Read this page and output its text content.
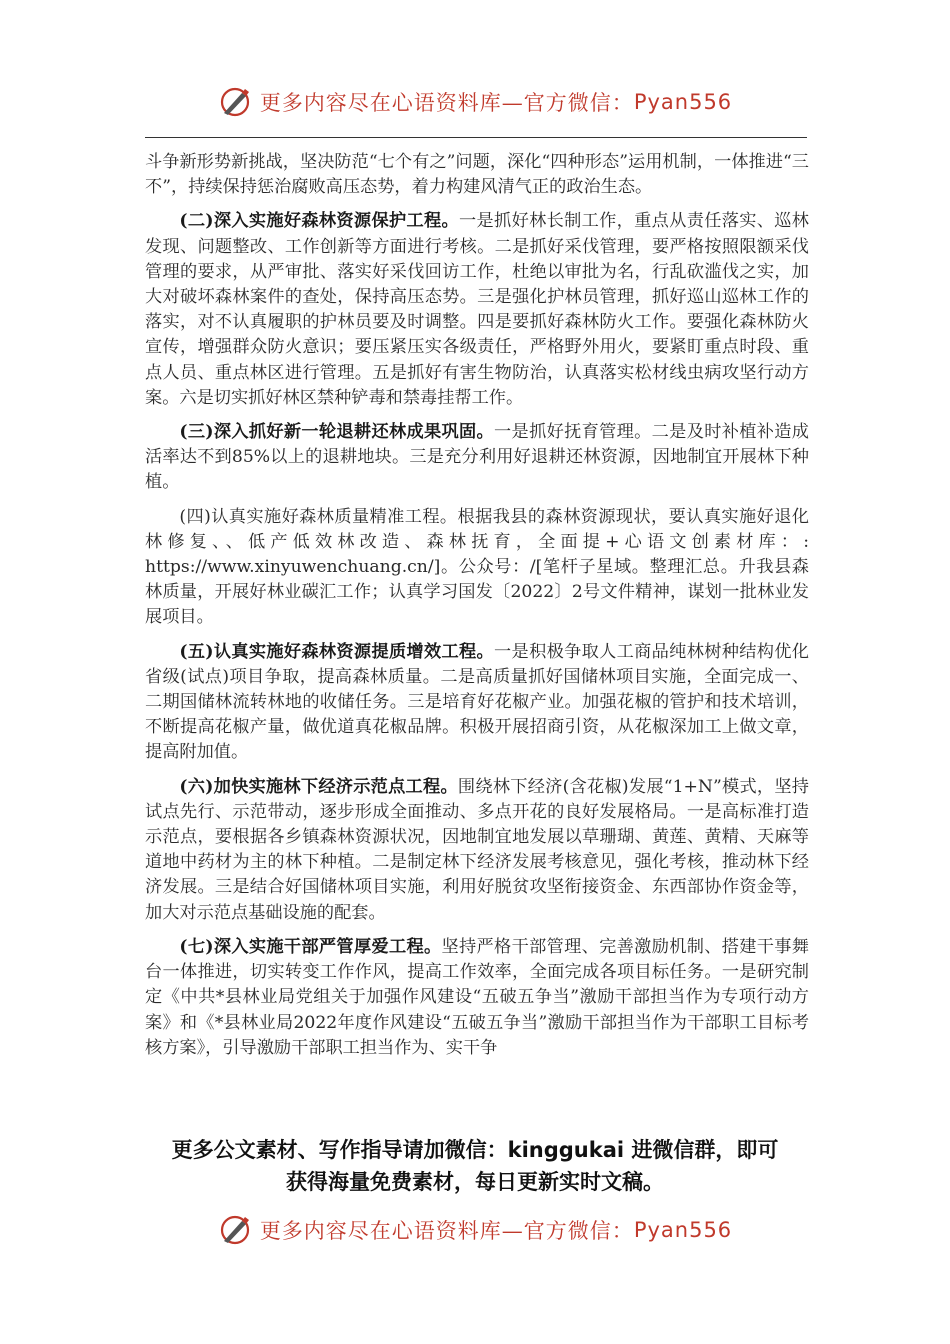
更多内容尽在心语资料库—官方微信： Pyan556

斗争新形势新挑战，坚决防范“七个有之”问题，深化“四种形态”运用机制，一体推进“三不”，持续保持惩治腐败高压态势，着力构建风清气正的政治生态。

(二)深入实施好森林资源保护工程。一是抓好林长制工作，重点从责任落实、巡林发现、问题整改、工作创新等方面进行考核。二是抓好采伐管理，要严格按照限额采伐管理的要求，从严审批、落实好采伐回访工作，杜绝以审批为名，行乱砍滥伐之实，加大对破坏森林案件的查处，保持高压态势。三是强化护林员管理，抓好巡山巡林工作的落实，对不认真履职的护林员要及时调整。四是要抓好森林防火工作。要强化森林防火宣传，增强群众防火意识；要压紧压实各级责任，严格野外用火，要紧盯重点时段、重点人员、重点林区进行管理。五是抓好有害生物防治，认真落实松材线虫病攻坚行动方案。六是切实抓好林区禁种铲毒和禁毒挂帮工作。

(三)深入抓好新一轮退耕还林成果巩固。一是抓好抚育管理。二是及时补植补造成活率达不到85%以上的退耕地块。三是充分利用好退耕还林资源，因地制宜开展林下种植。

(四)认真实施好森林质量精准工程。根据我县的森林资源现状，要认真实施好退化林修复、、低产低效林改造、森林抚育，全面提+心语文创素材库：: https://www.xinyuwenchuang.cn/]。公众号：/[笔杆子星域。整理汇总。升我县森林质量，开展好林业碳汇工作；认真学习国发〔2022〕2号文件精神，谋划一批林业发展项目。

(五)认真实施好森林资源提质增效工程。一是积极争取人工商品纯林树种结构优化省级(试点)项目争取，提高森林质量。二是高质量抓好国储林项目实施，全面完成一、二期国储林流转林地的收储任务。三是培育好花椒产业。加强花椒的管护和技术培训，不断提高花椒产量，做优道真花椒品牌。积极开展招商引资，从花椒深加工上做文章，提高附加值。

(六)加快实施林下经济示范点工程。围绕林下经济(含花椒)发展“1+N”模式，坚持试点先行、示范带动，逐步形成全面推动、多点开花的良好发展格局。一是高标准打造示范点，要根据各乡镇森林资源状况，因地制宜地发展以草珊瑚、黄莲、黄精、天麻等道地中药材为主的林下种植。二是制定林下经济发展考核意见，强化考核，推动林下经济发展。三是结合好国储林项目实施，利用好脱贫攻坚衔接资金、东西部协作资金等，加大对示范点基础设施的配套。

(七)深入实施干部严管厚爱工程。坚持严格干部管理、完善激励机制、搭建干事舞台一体推进，切实转变工作作风，提高工作效率，全面完成各项目标任务。一是研究制定《中共*县林业局党组关于加强作风建设“五破五争当”激励干部担当作为专项行动方案》和《*县林业局2022年度作风建设“五破五争当”激励干部担当作为干部职工目标考核方案》，引导激励干部职工担当作为、实干争

更多公文素材、写作指导请加微信：kinggukai 进微信群，即可
获得海量免费素材，每日更新实时文稿。
更多内容尽在心语资料库—官方微信： Pyan556
